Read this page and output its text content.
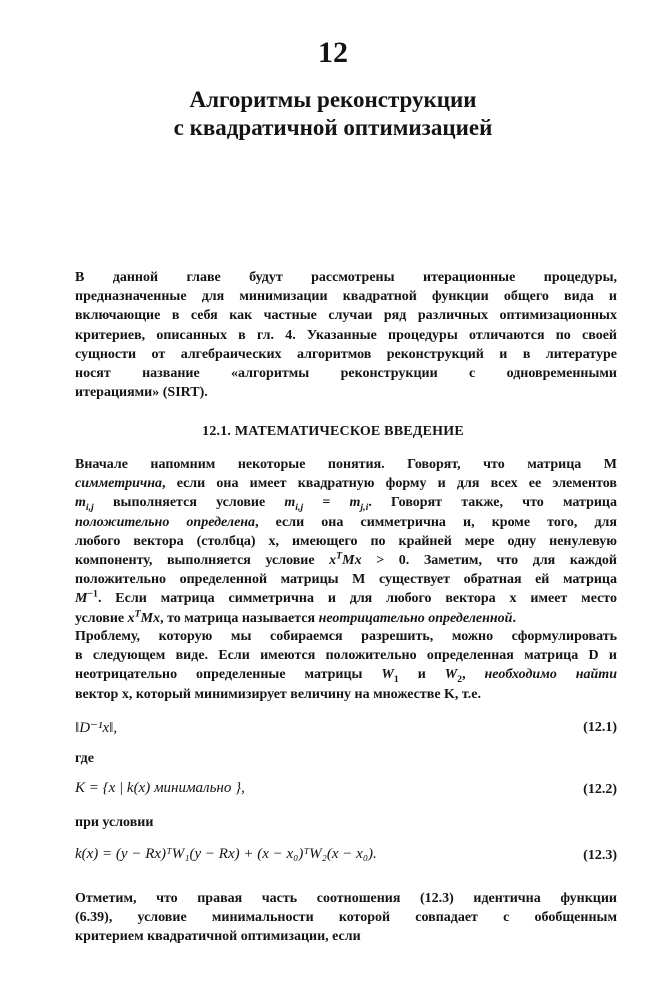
12
Алгоритмы реконструкции
с квадратичной оптимизацией
В данной главе будут рассмотрены итерационные процедуры,
предназначенные для минимизации квадратной функции общего вида и
включающие в себя как частные случаи ряд различных оптимизационных
критериев, описанных в гл. 4. Указанные процедуры отличаются по своей
сущности от алгебраических алгоритмов реконструкций и в литературе
носят название «алгоритмы реконструкции с одновременными
итерациями» (SIRT).
12.1. МАТЕМАТИЧЕСКОЕ ВВЕДЕНИЕ
Вначале напомним некоторые понятия. Говорят, что матрица M
симметрична, если она имеет квадратную форму и для всех ее элементов
$m_{i,j}$ выполняется условие $m_{i,j} = m_{j,i}$. Говорят также, что матрица
положительно определена, если она симметрична и, кроме того, для
любого вектора (столбца) x, имеющего по крайней мере одну ненулевую
компоненту, выполняется условие $x^TMx > 0$. Заметим, что для каждой
положительно определенной матрицы M существует обратная ей матрица
$M^{-1}$. Если матрица симметрична и для любого вектора x имеет место
условие $x^TMx$, то матрица называется неотрицательно определенной.
Проблему, которую мы собираемся разрешить, можно сформулировать
в следующем виде. Если имеются положительно определенная матрица D и
неотрицательно определенные матрицы $W_1$ и $W_2$, необходимо найти
вектор x, который минимизирует величину на множестве K, т.е.
‖D⁻¹x‖,	(12.1)
где
K = {x | k(x) минимально },	(12.2)
при условии
k(x) = (y − Rx)ᵀW₁(y − Rx) + (x − x₀)ᵀW₂(x − x₀).	(12.3)
Отметим, что правая часть соотношения (12.3) идентична функции
(6.39), условие минимальности которой совпадает с обобщенным
критерием квадратичной оптимизации, если
